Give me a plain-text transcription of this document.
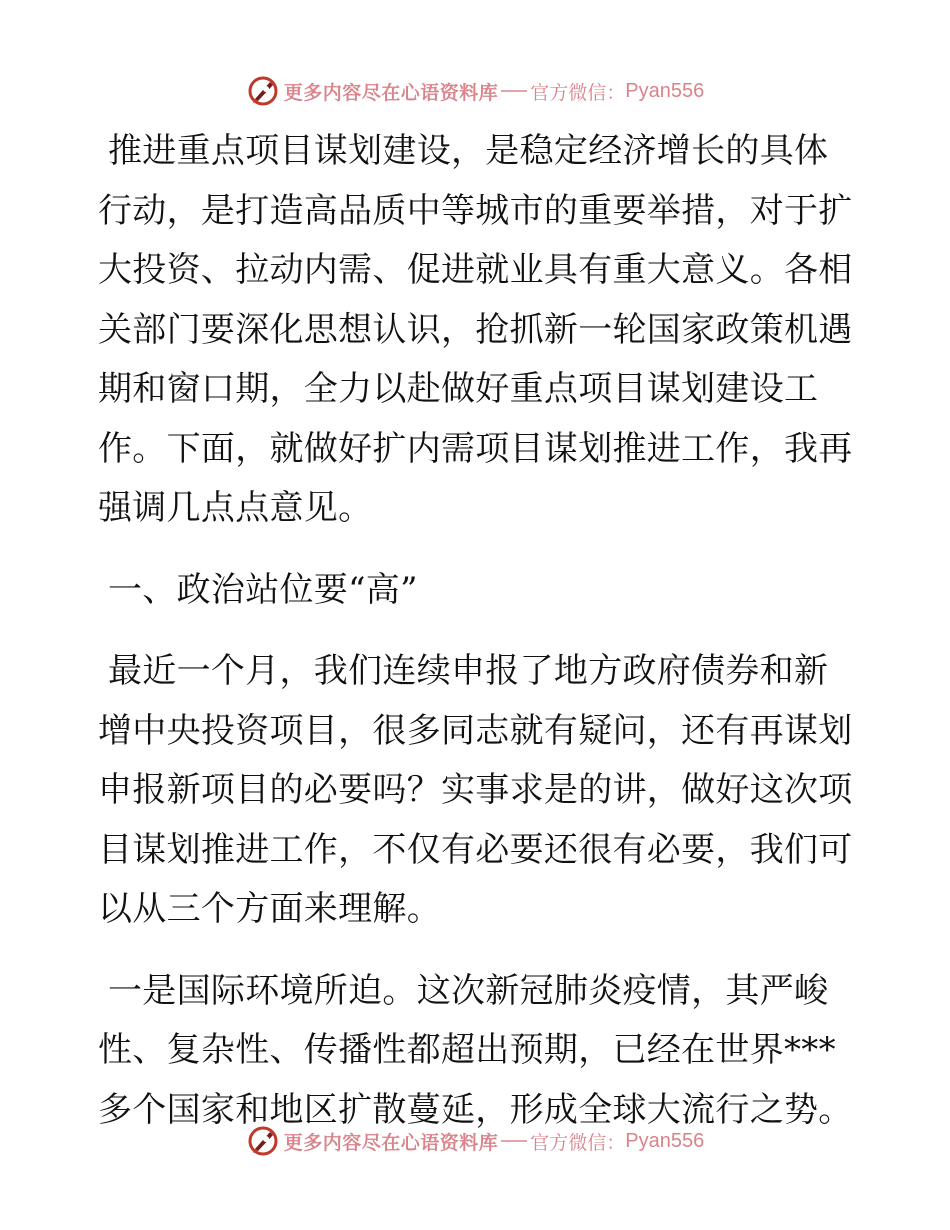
更多内容尽在心语资料库 官方微信： Pyan556

推进重点项目谋划建设，是稳定经济增长的具体

行动，是打造高品质中等城市的重要举措，对于扩

大投资、拉动内需、促进就业具有重大意义。各相

关部门要深化思想认识，抢抓新一轮国家政策机遇

期和窗口期，全力以赴做好重点项目谋划建设工

作。下面，就做好扩内需项目谋划推进工作，我再

强调几点点意见。

一、政治站位要“高”

最近一个月，我们连续申报了地方政府债券和新

增中央投资项目，很多同志就有疑问，还有再谋划

申报新项目的必要吗？实事求是的讲，做好这次项

目谋划推进工作，不仅有必要还很有必要，我们可

以从三个方面来理解。

一是国际环境所迫。这次新冠肺炎疫情，其严峻

性、复杂性、传播性都超出预期，已经在世界***

多个国家和地区扩散蔓延，形成全球大流行之势。

更多内容尽在心语资料库 官方微信： Pyan556
